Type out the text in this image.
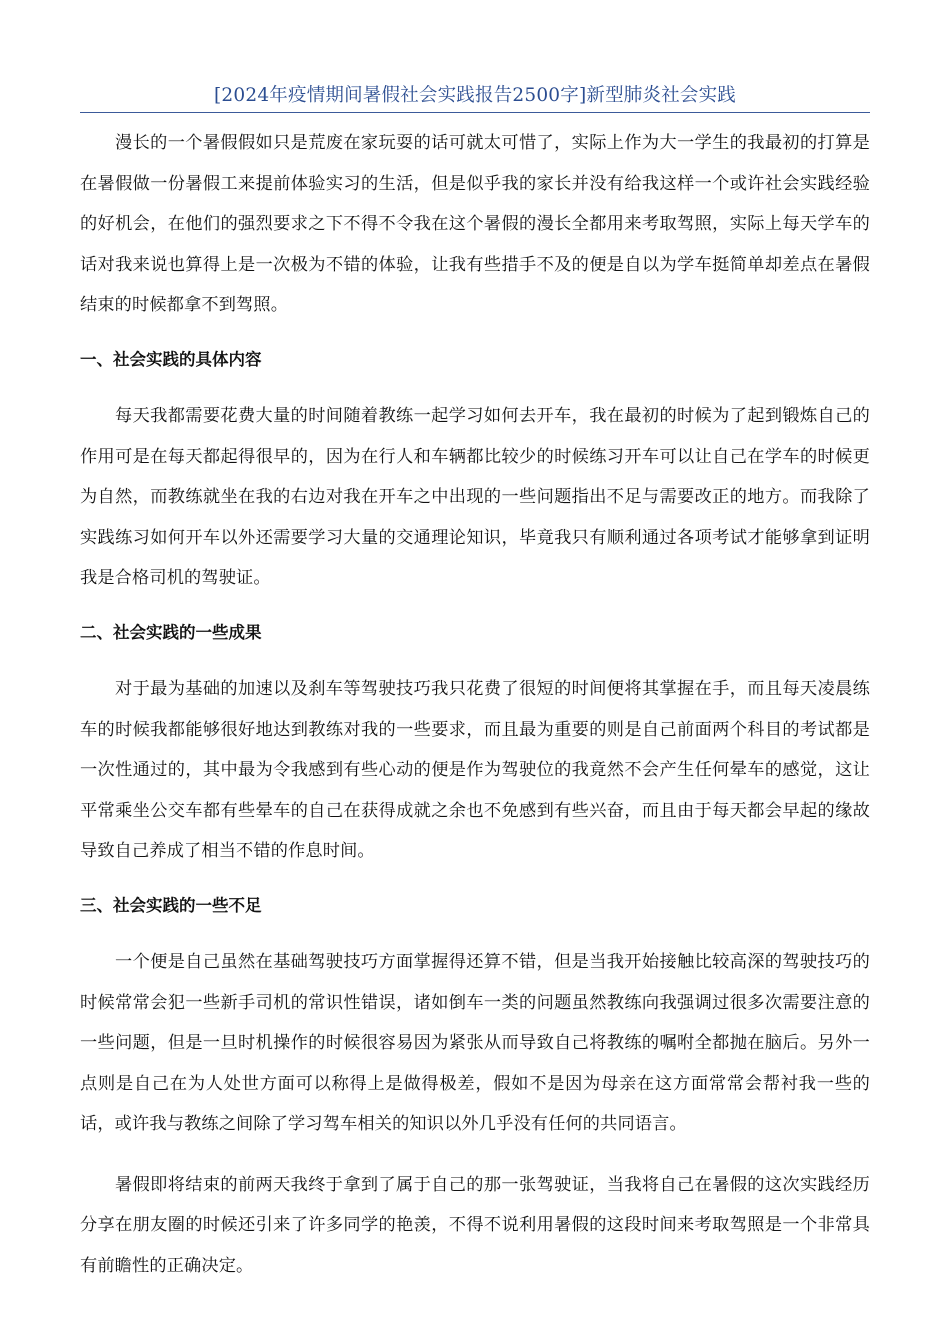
[2024年疫情期间暑假社会实践报告2500字]新型肺炎社会实践

漫长的一个暑假假如只是荒废在家玩耍的话可就太可惜了，实际上作为大一学生的我最初的打算是在暑假做一份暑假工来提前体验实习的生活，但是似乎我的家长并没有给我这样一个或许社会实践经验的好机会，在他们的强烈要求之下不得不令我在这个暑假的漫长全都用来考取驾照，实际上每天学车的话对我来说也算得上是一次极为不错的体验，让我有些措手不及的便是自以为学车挺简单却差点在暑假结束的时候都拿不到驾照。

一、社会实践的具体内容

每天我都需要花费大量的时间随着教练一起学习如何去开车，我在最初的时候为了起到锻炼自己的作用可是在每天都起得很早的，因为在行人和车辆都比较少的时候练习开车可以让自己在学车的时候更为自然，而教练就坐在我的右边对我在开车之中出现的一些问题指出不足与需要改正的地方。而我除了实践练习如何开车以外还需要学习大量的交通理论知识，毕竟我只有顺利通过各项考试才能够拿到证明我是合格司机的驾驶证。

二、社会实践的一些成果

对于最为基础的加速以及刹车等驾驶技巧我只花费了很短的时间便将其掌握在手，而且每天凌晨练车的时候我都能够很好地达到教练对我的一些要求，而且最为重要的则是自己前面两个科目的考试都是一次性通过的，其中最为令我感到有些心动的便是作为驾驶位的我竟然不会产生任何晕车的感觉，这让平常乘坐公交车都有些晕车的自己在获得成就之余也不免感到有些兴奋，而且由于每天都会早起的缘故导致自己养成了相当不错的作息时间。

三、社会实践的一些不足

一个便是自己虽然在基础驾驶技巧方面掌握得还算不错，但是当我开始接触比较高深的驾驶技巧的时候常常会犯一些新手司机的常识性错误，诸如倒车一类的问题虽然教练向我强调过很多次需要注意的一些问题，但是一旦时机操作的时候很容易因为紧张从而导致自己将教练的嘱咐全都抛在脑后。另外一点则是自己在为人处世方面可以称得上是做得极差，假如不是因为母亲在这方面常常会帮衬我一些的话，或许我与教练之间除了学习驾车相关的知识以外几乎没有任何的共同语言。

暑假即将结束的前两天我终于拿到了属于自己的那一张驾驶证，当我将自己在暑假的这次实践经历分享在朋友圈的时候还引来了许多同学的艳羡，不得不说利用暑假的这段时间来考取驾照是一个非常具有前瞻性的正确决定。
